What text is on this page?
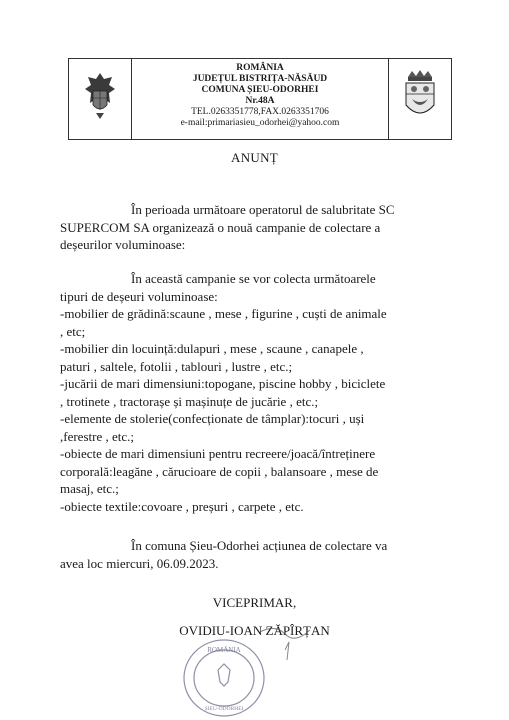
ROMÂNIA
JUDEȚUL BISTRIȚA-NĂSĂUD
COMUNA ȘIEU-ODORHEI
Nr.48A
TEL.0263351778,FAX.0263351706
e-mail:primariasieu_odorhei@yahoo.com
ANUNȚ
În perioada următoare operatorul de salubritate SC
SUPERCOM SA organizează o nouă campanie de colectare a
deșeurilor voluminoase:
În această campanie se vor colecta următoarele
tipuri de deșeuri voluminoase:
-mobilier de grădină:scaune , mese , figurine , cuști de animale
, etc;
-mobilier din locuință:dulapuri , mese , scaune , canapele ,
paturi , saltele, fotolii , tablouri , lustre , etc.;
-jucării de mari dimensiuni:topogane, piscine hobby , biciclete
, trotinete , tractorașe și mașinuțe de jucărie , etc.;
-elemente de stolerie(confecționate de tâmplar):tocuri , uși
,ferestre , etc.;
-obiecte de mari dimensiuni pentru recreere/joacă/întreținere
corporală:leagăne , cărucioare de copii , balansoare , mese de
masaj, etc.;
-obiecte textile:covoare , preșuri , carpete , etc.
În comuna Șieu-Odorhei acțiunea de colectare va
avea loc miercuri, 06.09.2023.
VICEPRIMAR,
OVIDIU-IOAN ZĂPÎRȚAN
ROMÂNIA
ȘIEU-ODORHEI
